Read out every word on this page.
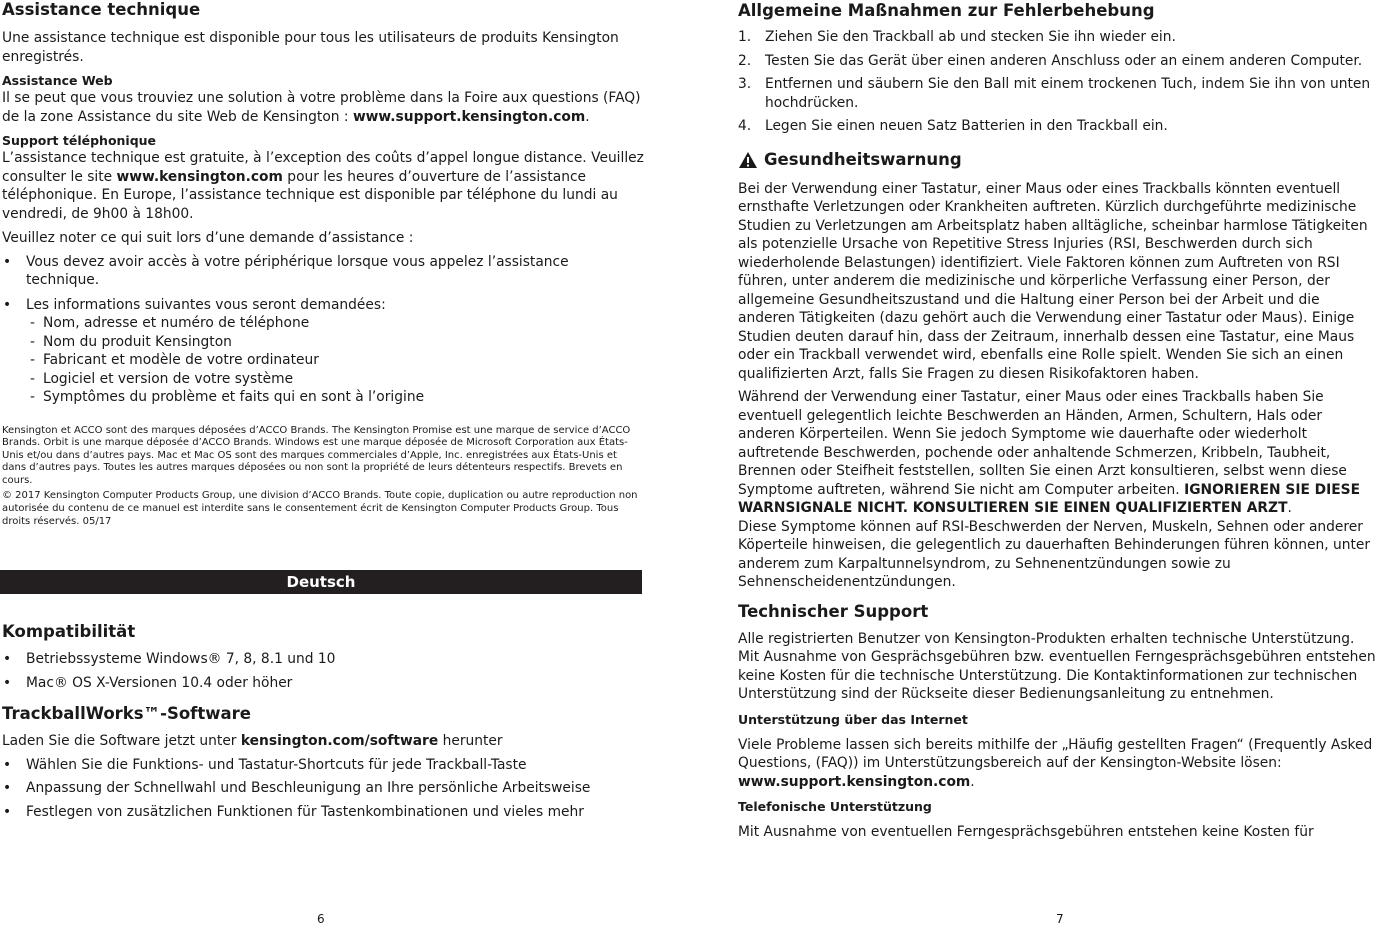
Assistance technique

Une assistance technique est disponible pour tous les utilisateurs de produits Kensington enregistrés.

Assistance Web

Il se peut que vous trouviez une solution à votre problème dans la Foire aux questions (FAQ) de la zone Assistance du site Web de Kensington : www.support.kensington.com.

Support téléphonique

L’assistance technique est gratuite, à l’exception des coûts d’appel longue distance. Veuillez consulter le site www.kensington.com pour les heures d’ouverture de l’assistance téléphonique. En Europe, l’assistance technique est disponible par téléphone du lundi au vendredi, de 9h00 à 18h00.

Veuillez noter ce qui suit lors d’une demande d’assistance :

• Vous devez avoir accès à votre périphérique lorsque vous appelez l’assistance technique.
• Les informations suivantes vous seront demandées:
- Nom, adresse et numéro de téléphone
- Nom du produit Kensington
- Fabricant et modèle de votre ordinateur
- Logiciel et version de votre système
- Symptômes du problème et faits qui en sont à l’origine

Kensington et ACCO sont des marques déposées d’ACCO Brands. The Kensington Promise est une marque de service d’ACCO Brands. Orbit is une marque déposée d’ACCO Brands. Windows est une marque déposée de Microsoft Corporation aux États-Unis et/ou dans d’autres pays. Mac et Mac OS sont des marques commerciales d’Apple, Inc. enregistrées aux États-Unis et dans d’autres pays. Toutes les autres marques déposées ou non sont la propriété de leurs détenteurs respectifs. Brevets en cours.

© 2017 Kensington Computer Products Group, une division d’ACCO Brands. Toute copie, duplication ou autre reproduction non autorisée du contenu de ce manuel est interdite sans le consentement écrit de Kensington Computer Products Group. Tous droits réservés. 05/17

Deutsch
Kompatibilität
• Betriebssysteme Windows® 7, 8, 8.1 und 10
• Mac® OS X-Versionen 10.4 oder höher
TrackballWorks™-Software

Laden Sie die Software jetzt unter kensington.com/software herunter

• Wählen Sie die Funktions- und Tastatur-Shortcuts für jede Trackball-Taste
• Anpassung der Schnellwahl und Beschleunigung an Ihre persönliche Arbeitsweise
• Festlegen von zusätzlichen Funktionen für Tastenkombinationen und vieles mehr
6
Allgemeine Maßnahmen zur Fehlerbehebung
1. Ziehen Sie den Trackball ab und stecken Sie ihn wieder ein.
2. Testen Sie das Gerät über einen anderen Anschluss oder an einem anderen Computer.
3. Entfernen und säubern Sie den Ball mit einem trockenen Tuch, indem Sie ihn von unten hochdrücken.
4. Legen Sie einen neuen Satz Batterien in den Trackball ein.
Gesundheitswarnung

Bei der Verwendung einer Tastatur, einer Maus oder eines Trackballs könnten eventuell ernsthafte Verletzungen oder Krankheiten auftreten. Kürzlich durchgeführte medizinische Studien zu Verletzungen am Arbeitsplatz haben alltägliche, scheinbar harmlose Tätigkeiten als potenzielle Ursache von Repetitive Stress Injuries (RSI, Beschwerden durch sich wiederholende Belastungen) identifiziert. Viele Faktoren können zum Auftreten von RSI führen, unter anderem die medizinische und körperliche Verfassung einer Person, der allgemeine Gesundheitszustand und die Haltung einer Person bei der Arbeit und die anderen Tätigkeiten (dazu gehört auch die Verwendung einer Tastatur oder Maus). Einige Studien deuten darauf hin, dass der Zeitraum, innerhalb dessen eine Tastatur, eine Maus oder ein Trackball verwendet wird, ebenfalls eine Rolle spielt. Wenden Sie sich an einen qualifizierten Arzt, falls Sie Fragen zu diesen Risikofaktoren haben.

Während der Verwendung einer Tastatur, einer Maus oder eines Trackballs haben Sie eventuell gelegentlich leichte Beschwerden an Händen, Armen, Schultern, Hals oder anderen Körperteilen. Wenn Sie jedoch Symptome wie dauerhafte oder wiederholt auftretende Beschwerden, pochende oder anhaltende Schmerzen, Kribbeln, Taubheit, Brennen oder Steifheit feststellen, sollten Sie einen Arzt konsultieren, selbst wenn diese Symptome auftreten, während Sie nicht am Computer arbeiten. IGNORIEREN SIE DIESE WARNSIGNALE NICHT. KONSULTIEREN SIE EINEN QUALIFIZIERTEN ARZT.

Diese Symptome können auf RSI-Beschwerden der Nerven, Muskeln, Sehnen oder anderer Köperteile hinweisen, die gelegentlich zu dauerhaften Behinderungen führen können, unter anderem zum Karpaltunnelsyndrom, zu Sehnenentzündungen sowie zu Sehnenscheidenentzündungen.

Technischer Support

Alle registrierten Benutzer von Kensington-Produkten erhalten technische Unterstützung. Mit Ausnahme von Gesprächsgebühren bzw. eventuellen Ferngesprächsgebühren entstehen keine Kosten für die technische Unterstützung. Die Kontaktinformationen zur technischen Unterstützung sind der Rückseite dieser Bedienungsanleitung zu entnehmen.

Unterstützung über das Internet

Viele Probleme lassen sich bereits mithilfe der „Häufig gestellten Fragen“ (Frequently Asked Questions, (FAQ)) im Unterstützungsbereich auf der Kensington-Website lösen: www.support.kensington.com.

Telefonische Unterstützung

Mit Ausnahme von eventuellen Ferngesprächsgebühren entstehen keine Kosten für

7
